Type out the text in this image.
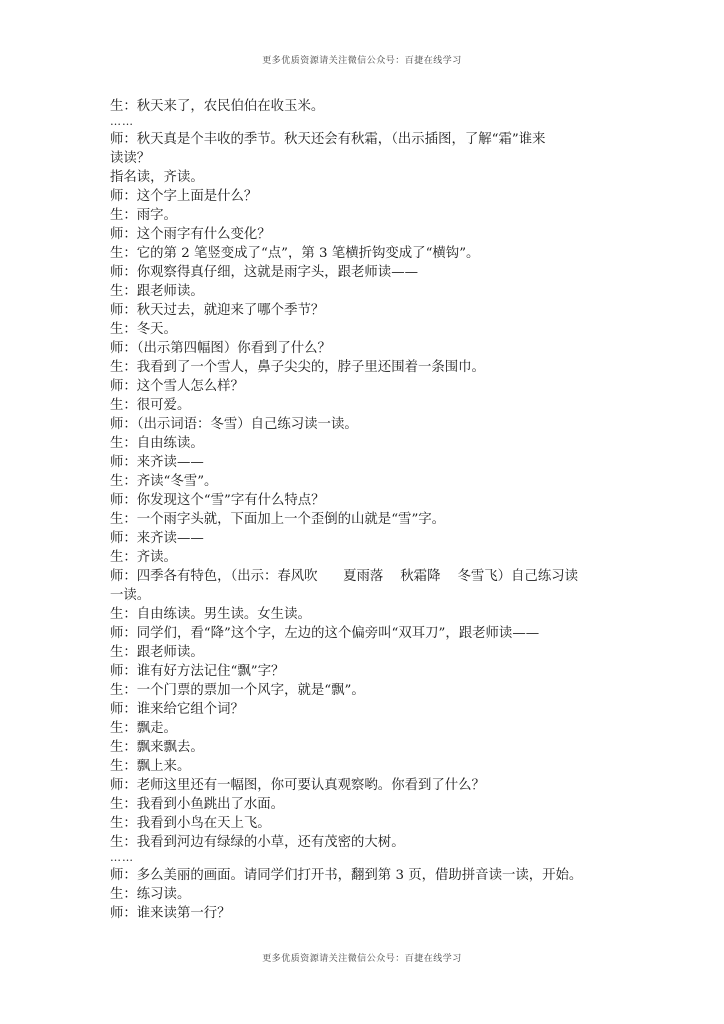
更多优质资源请关注微信公众号：百捷在线学习
生：秋天来了，农民伯伯在收玉米。
……
师：秋天真是个丰收的季节。秋天还会有秋霜，（出示插图，了解“霜”谁来
读读？
指名读，齐读。
师：这个字上面是什么？
生：雨字。
师：这个雨字有什么变化？
生：它的第 2 笔竖变成了“点”，第 3 笔横折钩变成了“横钩”。
师：你观察得真仔细，这就是雨字头，跟老师读——
生：跟老师读。
师：秋天过去，就迎来了哪个季节？
生：冬天。
师：（出示第四幅图）你看到了什么？
生：我看到了一个雪人，鼻子尖尖的，脖子里还围着一条围巾。
师：这个雪人怎么样？
生：很可爱。
师：（出示词语：冬雪）自己练习读一读。
生：自由练读。
师：来齐读——
生：齐读“冬雪”。
师：你发现这个“雪”字有什么特点？
生：一个雨字头就，下面加上一个歪倒的山就是“雪”字。
师：来齐读——
生：齐读。
师：四季各有特色，（出示：春风吹      夏雨落    秋霜降    冬雪飞）自己练习读
一读。
生：自由练读。男生读。女生读。
师：同学们，看“降”这个字，左边的这个偏旁叫“双耳刀”，跟老师读——
生：跟老师读。
师：谁有好方法记住“飘”字？
生：一个门票的票加一个风字，就是“飘”。
师：谁来给它组个词？
生：飘走。
生：飘来飘去。
生：飘上来。
师：老师这里还有一幅图，你可要认真观察哟。你看到了什么？
生：我看到小鱼跳出了水面。
生：我看到小鸟在天上飞。
生：我看到河边有绿绿的小草，还有茂密的大树。
……
师：多么美丽的画面。请同学们打开书，翻到第 3 页，借助拼音读一读，开始。
生：练习读。
师：谁来读第一行？
更多优质资源请关注微信公众号：百捷在线学习
